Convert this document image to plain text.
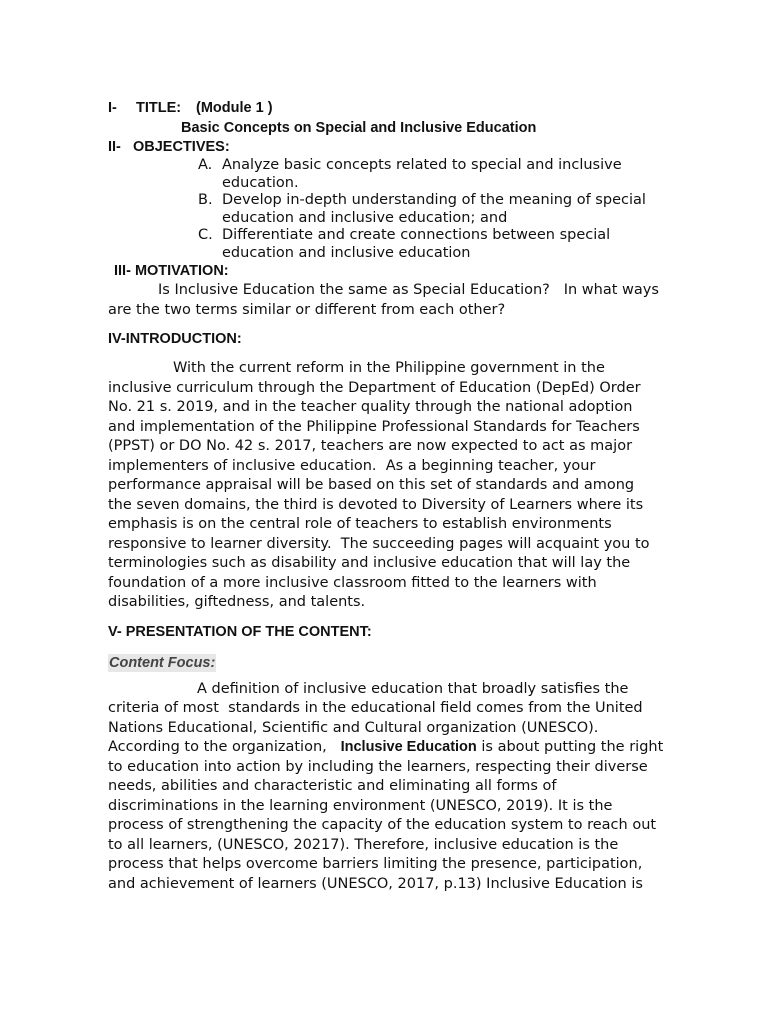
I- TITLE: (Module 1 )
Basic Concepts on Special and Inclusive Education
II-   OBJECTIVES:
A. Analyze basic concepts related to special and inclusive
education.
B. Develop in-depth understanding of the meaning of special
education and inclusive education; and
C. Differentiate and create connections between special
education and inclusive education
III- MOTIVATION:
Is Inclusive Education the same as Special Education?   In what ways
are the two terms similar or different from each other?
IV-INTRODUCTION:
With the current reform in the Philippine government in the
inclusive curriculum through the Department of Education (DepEd) Order
No. 21 s. 2019, and in the teacher quality through the national adoption
and implementation of the Philippine Professional Standards for Teachers
(PPST) or DO No. 42 s. 2017, teachers are now expected to act as major
implementers of inclusive education.  As a beginning teacher, your
performance appraisal will be based on this set of standards and among
the seven domains, the third is devoted to Diversity of Learners where its
emphasis is on the central role of teachers to establish environments
responsive to learner diversity.  The succeeding pages will acquaint you to
terminologies such as disability and inclusive education that will lay the
foundation of a more inclusive classroom fitted to the learners with
disabilities, giftedness, and talents.
V- PRESENTATION OF THE CONTENT:
Content Focus:
A definition of inclusive education that broadly satisfies the
criteria of most  standards in the educational field comes from the United
Nations Educational, Scientific and Cultural organization (UNESCO).
According to the organization,   Inclusive Education is about putting the right
to education into action by including the learners, respecting their diverse
needs, abilities and characteristic and eliminating all forms of
discriminations in the learning environment (UNESCO, 2019). It is the
process of strengthening the capacity of the education system to reach out
to all learners, (UNESCO, 20217). Therefore, inclusive education is the
process that helps overcome barriers limiting the presence, participation,
and achievement of learners (UNESCO, 2017, p.13) Inclusive Education is
